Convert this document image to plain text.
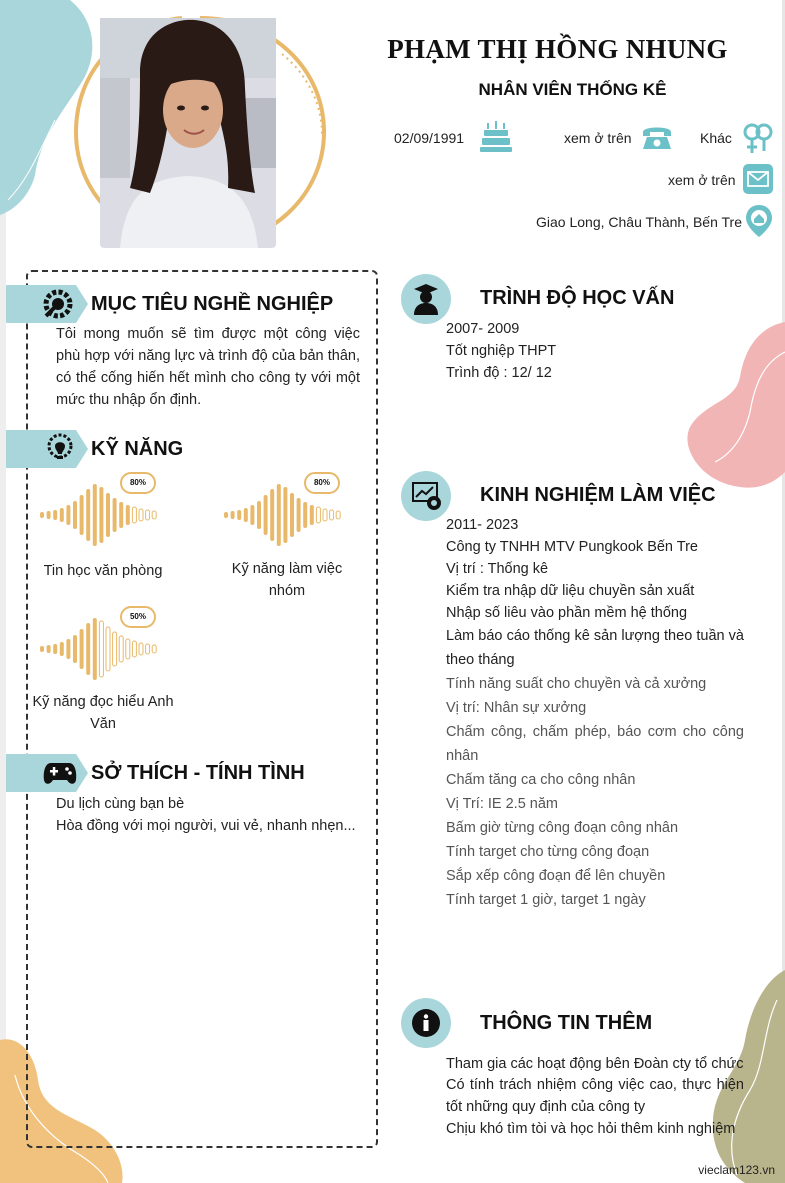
PHẠM THỊ HỒNG NHUNG
NHÂN VIÊN THỐNG KÊ
02/09/1991	xem ở trên	Khác
xem ở trên
Giao Long, Châu Thành, Bến Tre
MỤC TIÊU NGHỀ NGHIỆP
Tôi mong muốn sẽ tìm được một công việc phù hợp với năng lực và trình độ của bản thân, có thể cống hiến hết mình cho công ty với một mức thu nhập ổn định.
KỸ NĂNG
80%
Tin học văn phòng
80%
Kỹ năng làm việc nhóm
50%
Kỹ năng đọc hiểu Anh Văn
SỞ THÍCH - TÍNH TÌNH
Du lịch cùng bạn bè
Hòa đồng với mọi người, vui vẻ, nhanh nhẹn...
TRÌNH ĐỘ HỌC VẤN
2007- 2009
Tốt nghiệp THPT
Trình độ : 12/ 12
KINH NGHIỆM LÀM VIỆC
2011- 2023
Công ty TNHH MTV Pungkook Bến Tre
Vị trí : Thống kê
Kiểm tra nhập dữ liệu chuyền sản xuất
Nhập số liêu vào phần mềm hệ thống
Làm báo cáo thống kê sản lượng theo tuần và theo tháng
Tính năng suất cho chuyền và cả xưởng
Vị trí: Nhân sự xưởng
Chấm công, chấm phép, báo cơm cho công nhân
Chấm tăng ca cho công nhân
Vị Trí: IE 2.5 năm
Bấm giờ từng công đoạn công nhân
Tính target cho từng công đoạn
Sắp xếp công đoạn để lên chuyền
Tính target 1 giờ, target 1 ngày
THÔNG TIN THÊM
Tham gia các hoạt động bên Đoàn cty tổ chức
Có tính trách nhiệm công việc cao, thực hiện tốt những quy định của công ty
Chịu khó tìm tòi và học hỏi thêm kinh nghiệm
vieclam123.vn
